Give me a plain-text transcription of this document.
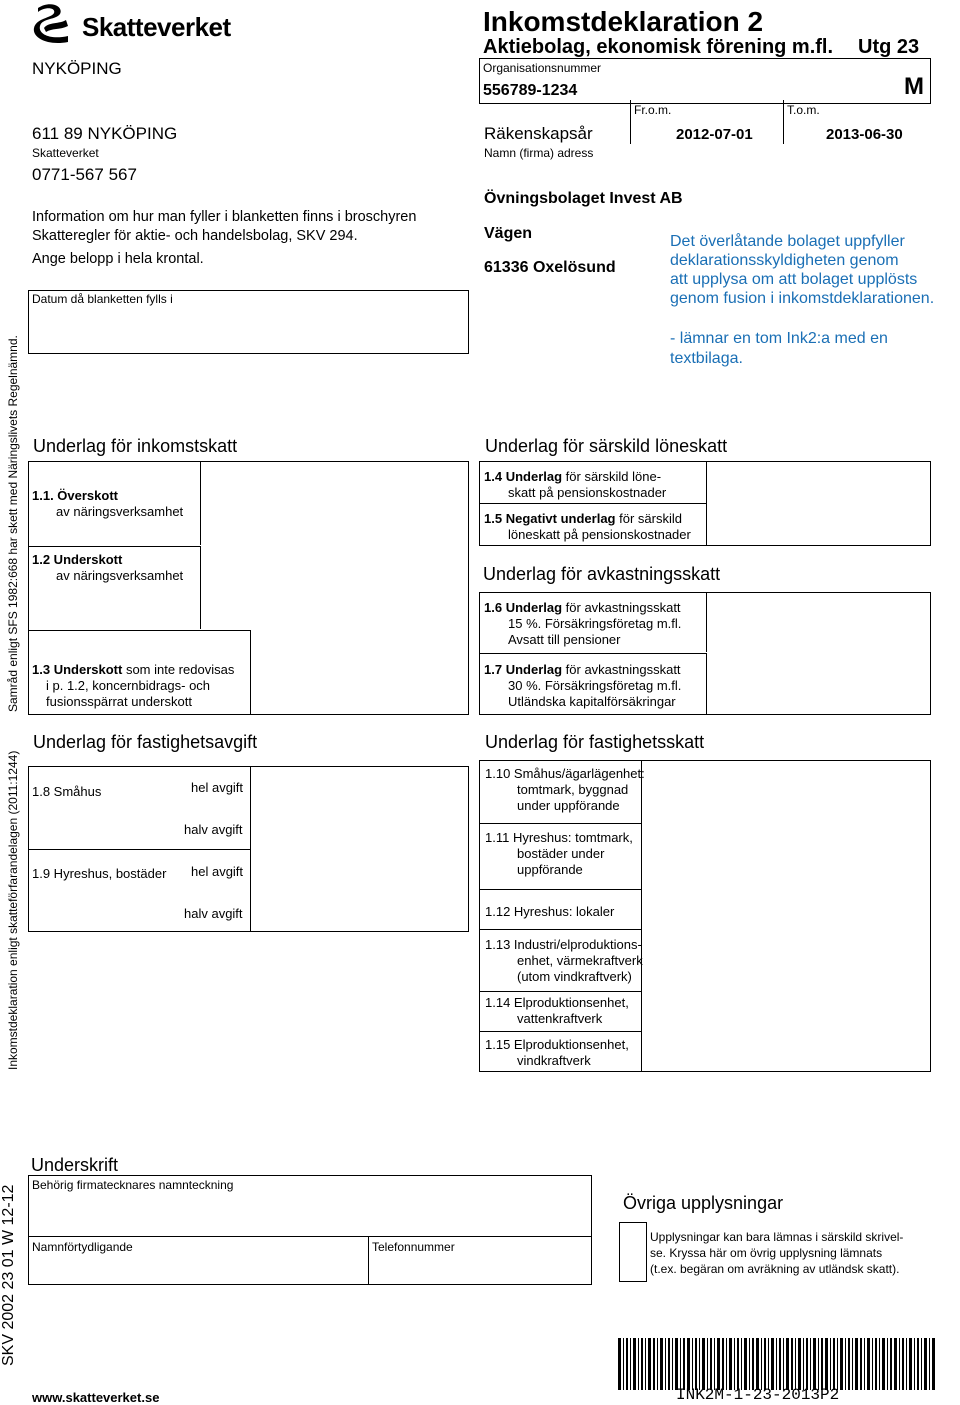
Samråd enligt SFS 1982:668 har skett med Näringslivets Regelnämnd.
Inkomstdeklaration enligt skatteförfarandelagen (2011:1244)
SKV 2002 23 01 W 12-12
Skatteverket
NYKÖPING
611 89 NYKÖPING
Skatteverket
0771-567 567
Information om hur man fyller i blanketten finns i broschyren
Skatteregler för aktie- och handelsbolag, SKV 294.
Ange belopp i hela krontal.
Datum då blanketten fylls i
Inkomstdeklaration 2
Aktiebolag, ekonomisk förening m.fl. Utg 23
Organisationsnummer
556789-1234	M
Fr.o.m.	T.o.m.
Räkenskapsår	2012-07-01	2013-06-30
Namn (firma) adress
Övningsbolaget Invest AB
Vägen
61336 Oxelösund
Det överlåtande bolaget uppfyller
deklarationsskyldigheten genom
att upplysa om att bolaget upplösts
genom fusion i inkomstdeklarationen.
- lämnar en tom Ink2:a med en
textbilaga.
Underlag för inkomstskatt
1.1. Överskott
av näringsverksamhet
1.2 Underskott
av näringsverksamhet
1.3 Underskott som inte redovisas
i p. 1.2, koncernbidrags- och
fusionsspärrat underskott
Underlag för särskild löneskatt
1.4 Underlag för särskild löne-
skatt på pensionskostnader
1.5 Negativt underlag för särskild
löneskatt på pensionskostnader
Underlag för avkastningsskatt
1.6 Underlag för avkastningsskatt
15 %. Försäkringsföretag m.fl.
Avsatt till pensioner
1.7 Underlag för avkastningsskatt
30 %. Försäkringsföretag m.fl.
Utländska kapitalförsäkringar
Underlag för fastighetsavgift
1.8 Småhus	hel avgift
halv avgift
1.9 Hyreshus, bostäder hel avgift
halv avgift
Underlag för fastighetsskatt
1.10 Småhus/ägarlägenhet:
tomtmark, byggnad
under uppförande
1.11 Hyreshus: tomtmark,
bostäder under
uppförande
1.12 Hyreshus: lokaler
1.13 Industri/elproduktions-
enhet, värmekraftverk
(utom vindkraftverk)
1.14 Elproduktionsenhet,
vattenkraftverk
1.15 Elproduktionsenhet,
vindkraftverk
Underskrift
Behörig firmatecknares namnteckning
Namnförtydligande	Telefonnummer
Övriga upplysningar
Upplysningar kan bara lämnas i särskild skrivel-
se. Kryssa här om övrig upplysning lämnats
(t.ex. begäran om avräkning av utländsk skatt).
www.skatteverket.se	INK2M-1-23-2013P2
